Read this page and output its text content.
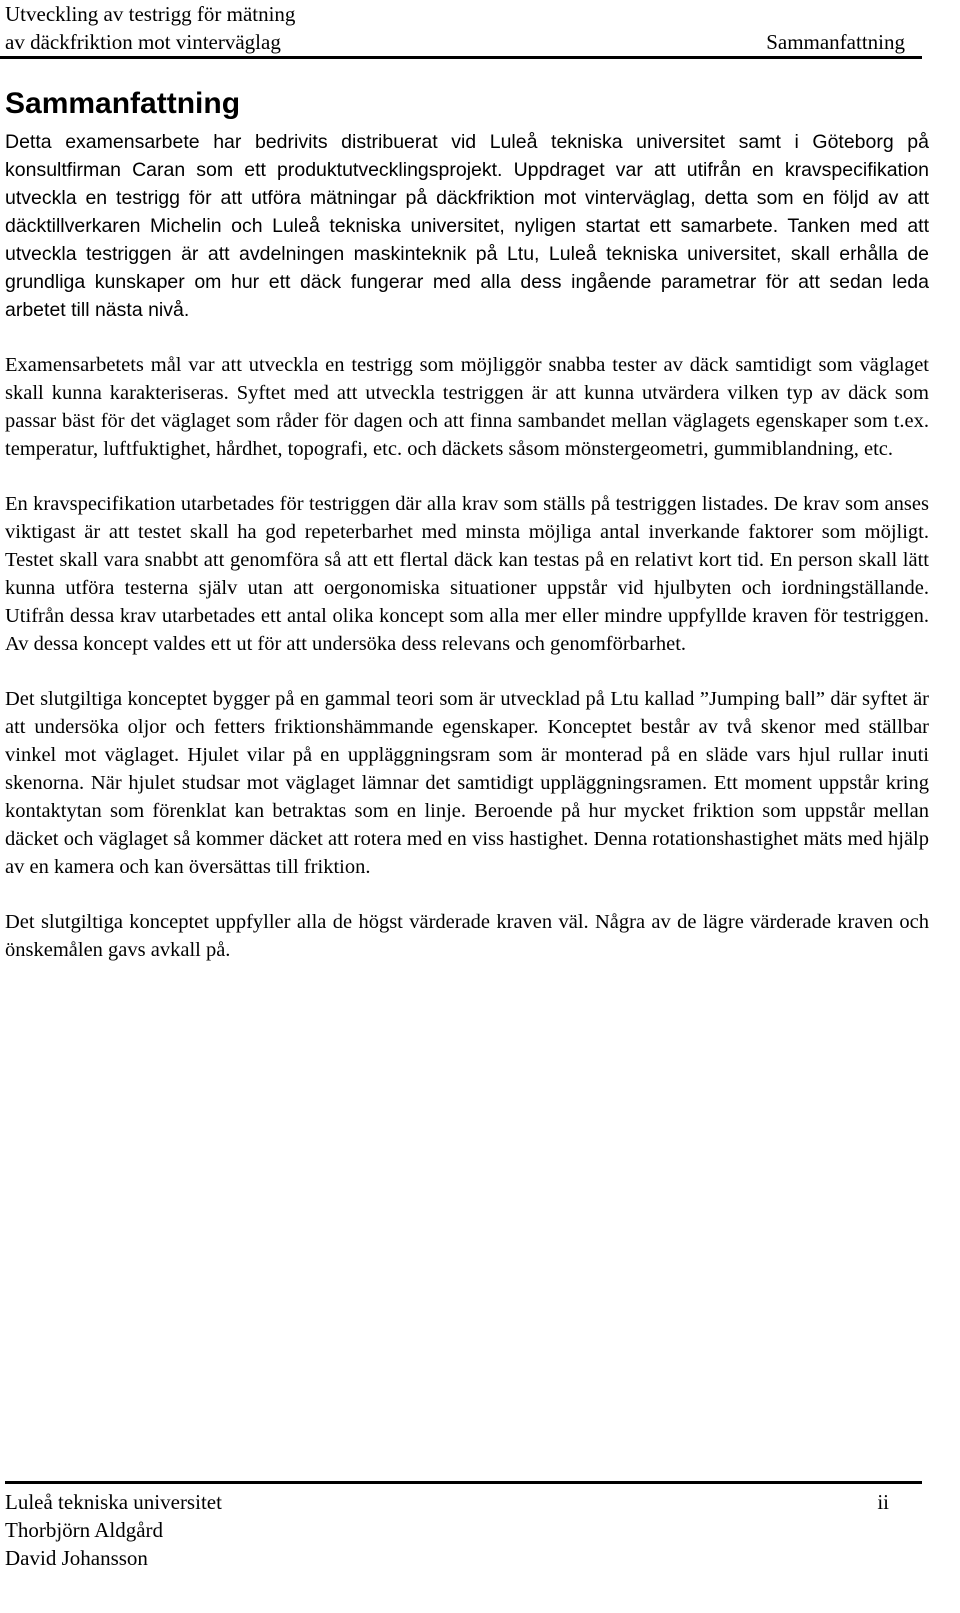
Utveckling av testrigg för mätning
av däckfriktion mot vinterväglag	Sammanfattning
Sammanfattning

Detta examensarbete har bedrivits distribuerat vid Luleå tekniska universitet samt i Göteborg på konsultfirman Caran som ett produktutvecklingsprojekt. Uppdraget var att utifrån en kravspecifikation utveckla en testrigg för att utföra mätningar på däckfriktion mot vinterväglag, detta som en följd av att däcktillverkaren Michelin och Luleå tekniska universitet, nyligen startat ett samarbete. Tanken med att utveckla testriggen är att avdelningen maskinteknik på Ltu, Luleå tekniska universitet, skall erhålla de grundliga kunskaper om hur ett däck fungerar med alla dess ingående parametrar för att sedan leda arbetet till nästa nivå.

Examensarbetets mål var att utveckla en testrigg som möjliggör snabba tester av däck samtidigt som väglaget skall kunna karakteriseras. Syftet med att utveckla testriggen är att kunna utvärdera vilken typ av däck som passar bäst för det väglaget som råder för dagen och att finna sambandet mellan väglagets egenskaper som t.ex. temperatur, luftfuktighet, hårdhet, topografi, etc. och däckets såsom mönstergeometri, gummiblandning, etc.

En kravspecifikation utarbetades för testriggen där alla krav som ställs på testriggen listades. De krav som anses viktigast är att testet skall ha god repeterbarhet med minsta möjliga antal inverkande faktorer som möjligt. Testet skall vara snabbt att genomföra så att ett flertal däck kan testas på en relativt kort tid. En person skall lätt kunna utföra testerna själv utan att oergonomiska situationer uppstår vid hjulbyten och iordningställande. Utifrån dessa krav utarbetades ett antal olika koncept som alla mer eller mindre uppfyllde kraven för testriggen. Av dessa koncept valdes ett ut för att undersöka dess relevans och genomförbarhet.

Det slutgiltiga konceptet bygger på en gammal teori som är utvecklad på Ltu kallad ”Jumping ball” där syftet är att undersöka oljor och fetters friktionshämmande egenskaper. Konceptet består av två skenor med ställbar vinkel mot väglaget. Hjulet vilar på en uppläggningsram som är monterad på en släde vars hjul rullar inuti skenorna. När hjulet studsar mot väglaget lämnar det samtidigt uppläggningsramen. Ett moment uppstår kring kontaktytan som förenklat kan betraktas som en linje. Beroende på hur mycket friktion som uppstår mellan däcket och väglaget så kommer däcket att rotera med en viss hastighet. Denna rotationshastighet mäts med hjälp av en kamera och kan översättas till friktion.

Det slutgiltiga konceptet uppfyller alla de högst värderade kraven väl. Några av de lägre värderade kraven och önskemålen gavs avkall på.

Luleå tekniska universitet	ii
Thorbjörn Aldgård
David Johansson
